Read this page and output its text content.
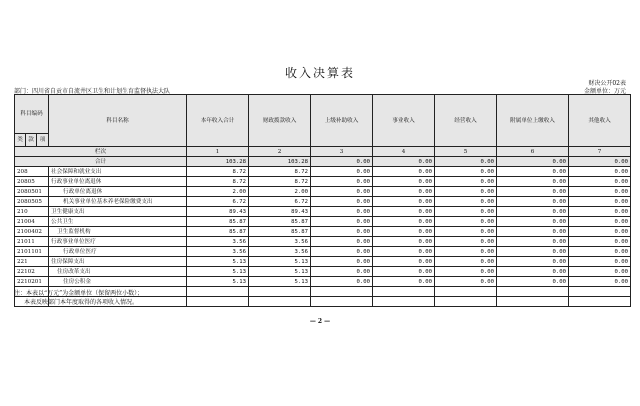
收入决算表
财决公开02表
部门：四川省自贡市自流井区卫生和计划生育监督执法大队	金额单位：万元
科目编码			科目名称	本年收入合计	财政拨款收入	上级补助收入	事业收入	经营收入	附属单位上缴收入	其他收入
类	款	项								
栏次				1	2	3	4	5	6	7
合计				103.28	103.28	0.00	0.00	0.00	0.00	0.00
208			社会保障和就业支出	8.72	8.72	0.00	0.00	0.00	0.00	0.00
20805			行政事业单位离退休	8.72	8.72	0.00	0.00	0.00	0.00	0.00
2080501			行政单位离退休	2.00	2.00	0.00	0.00	0.00	0.00	0.00
2080505			机关事业单位基本养老保险缴费支出	6.72	6.72	0.00	0.00	0.00	0.00	0.00
210			卫生健康支出	89.43	89.43	0.00	0.00	0.00	0.00	0.00
21004			公共卫生	85.87	85.87	0.00	0.00	0.00	0.00	0.00
2100402			卫生监督机构	85.87	85.87	0.00	0.00	0.00	0.00	0.00
21011			行政事业单位医疗	3.56	3.56	0.00	0.00	0.00	0.00	0.00
2101101			行政单位医疗	3.56	3.56	0.00	0.00	0.00	0.00	0.00
221			住房保障支出	5.13	5.13	0.00	0.00	0.00	0.00	0.00
22102			住房改革支出	5.13	5.13	0.00	0.00	0.00	0.00	0.00
2210201			住房公积金	5.13	5.13	0.00	0.00	0.00	0.00	0.00

注：本表以“万元”为金额单位（保留两位小数）；
本表反映部门本年度取得的各项收入情况。
— 2 —
